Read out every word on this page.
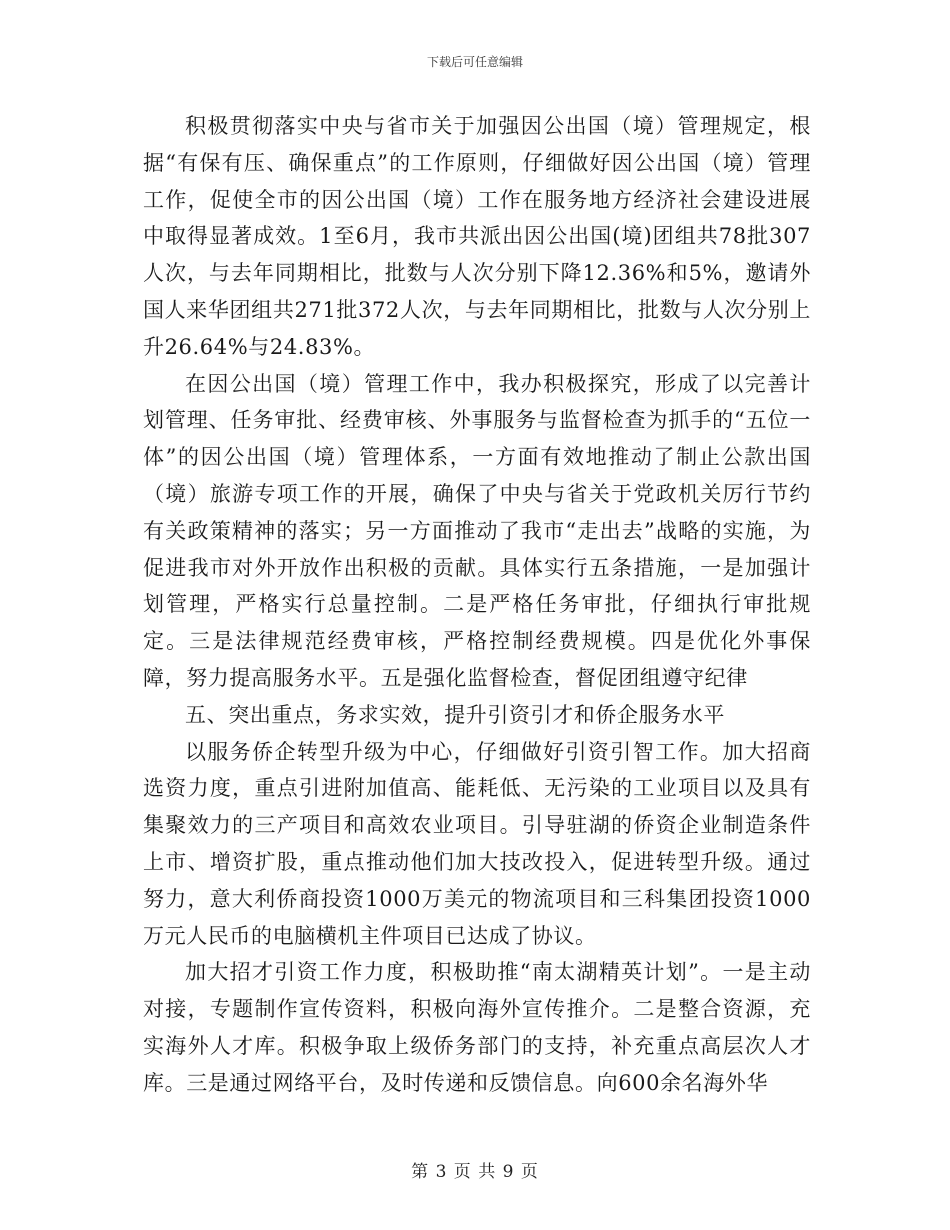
下载后可任意编辑

积极贯彻落实中央与省市关于加强因公出国（境）管理规定，根据“有保有压、确保重点”的工作原则，仔细做好因公出国（境）管理工作，促使全市的因公出国（境）工作在服务地方经济社会建设进展中取得显著成效。1至6月，我市共派出因公出国(境)团组共78批307人次，与去年同期相比，批数与人次分别下降12.36%和5%，邀请外国人来华团组共271批372人次，与去年同期相比，批数与人次分别上升26.64%与24.83%。

在因公出国（境）管理工作中，我办积极探究，形成了以完善计划管理、任务审批、经费审核、外事服务与监督检查为抓手的“五位一体”的因公出国（境）管理体系，一方面有效地推动了制止公款出国（境）旅游专项工作的开展，确保了中央与省关于党政机关厉行节约有关政策精神的落实；另一方面推动了我市“走出去”战略的实施，为促进我市对外开放作出积极的贡献。具体实行五条措施，一是加强计划管理，严格实行总量控制。二是严格任务审批，仔细执行审批规定。三是法律规范经费审核，严格控制经费规模。四是优化外事保障，努力提高服务水平。五是强化监督检查，督促团组遵守纪律

五、突出重点，务求实效，提升引资引才和侨企服务水平

以服务侨企转型升级为中心，仔细做好引资引智工作。加大招商选资力度，重点引进附加值高、能耗低、无污染的工业项目以及具有集聚效力的三产项目和高效农业项目。引导驻湖的侨资企业制造条件上市、增资扩股，重点推动他们加大技改投入，促进转型升级。通过努力，意大利侨商投资1000万美元的物流项目和三科集团投资1000万元人民币的电脑横机主件项目已达成了协议。

加大招才引资工作力度，积极助推“南太湖精英计划”。一是主动对接，专题制作宣传资料，积极向海外宣传推介。二是整合资源，充实海外人才库。积极争取上级侨务部门的支持，补充重点高层次人才库。三是通过网络平台，及时传递和反馈信息。向600余名海外华

第 3 页 共 9 页
